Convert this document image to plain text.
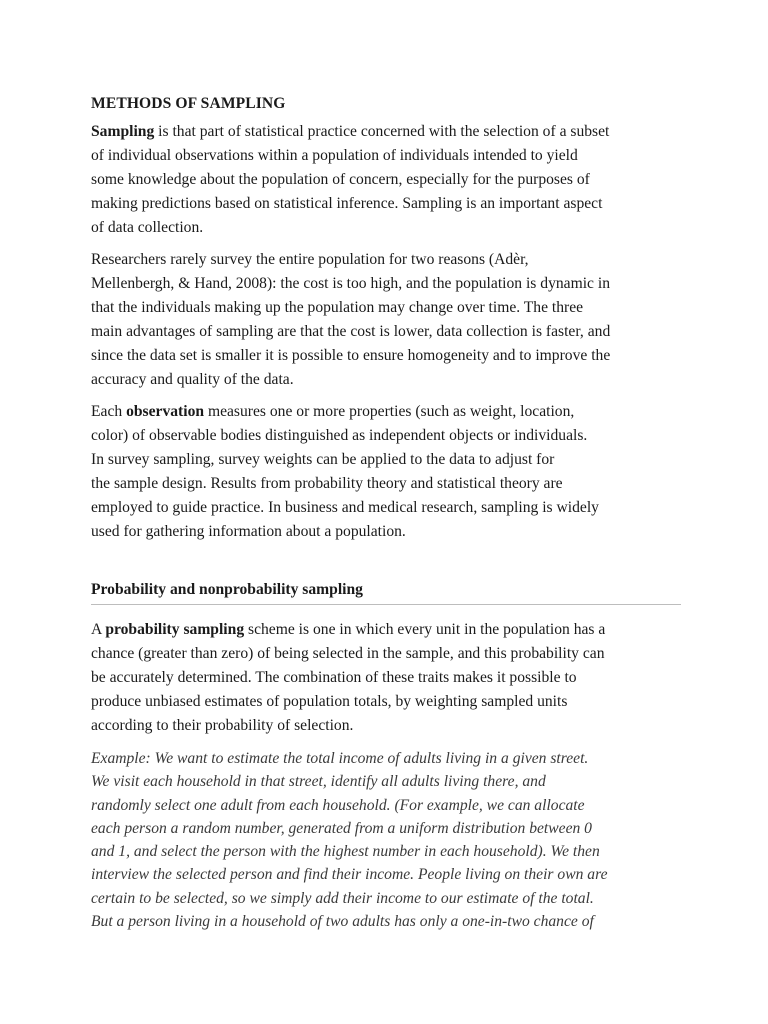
METHODS OF SAMPLING
Sampling is that part of statistical practice concerned with the selection of a subset
of individual observations within a population of individuals intended to yield
some knowledge about the population of concern, especially for the purposes of
making predictions based on statistical inference. Sampling is an important aspect
of data collection.
Researchers rarely survey the entire population for two reasons (Adèr,
Mellenbergh, & Hand, 2008): the cost is too high, and the population is dynamic in
that the individuals making up the population may change over time. The three
main advantages of sampling are that the cost is lower, data collection is faster, and
since the data set is smaller it is possible to ensure homogeneity and to improve the
accuracy and quality of the data.
Each observation measures one or more properties (such as weight, location,
color) of observable bodies distinguished as independent objects or individuals.
In survey sampling, survey weights can be applied to the data to adjust for
the sample design. Results from probability theory and statistical theory are
employed to guide practice. In business and medical research, sampling is widely
used for gathering information about a population.
Probability and nonprobability sampling
A probability sampling scheme is one in which every unit in the population has a
chance (greater than zero) of being selected in the sample, and this probability can
be accurately determined. The combination of these traits makes it possible to
produce unbiased estimates of population totals, by weighting sampled units
according to their probability of selection.
Example: We want to estimate the total income of adults living in a given street.
We visit each household in that street, identify all adults living there, and
randomly select one adult from each household. (For example, we can allocate
each person a random number, generated from a uniform distribution between 0
and 1, and select the person with the highest number in each household). We then
interview the selected person and find their income. People living on their own are
certain to be selected, so we simply add their income to our estimate of the total.
But a person living in a household of two adults has only a one-in-two chance of
